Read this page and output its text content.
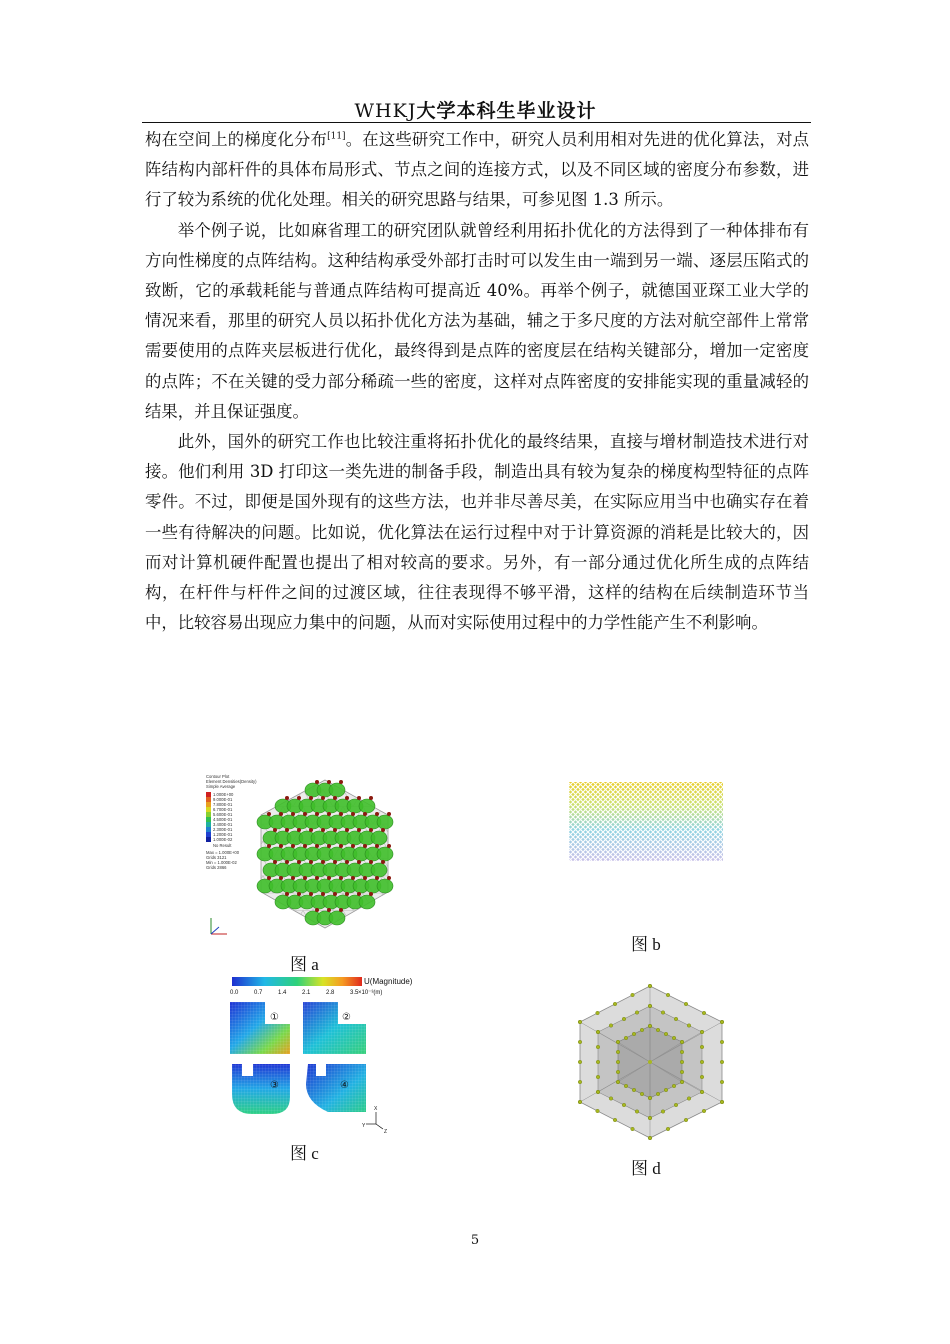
WHKJ大学本科生毕业设计

构在空间上的梯度化分布[11]。在这些研究工作中，研究人员利用相对先进的优化算法，对点阵结构内部杆件的具体布局形式、节点之间的连接方式，以及不同区域的密度分布参数，进行了较为系统的优化处理。相关的研究思路与结果，可参见图 1.3 所示。

举个例子说，比如麻省理工的研究团队就曾经利用拓扑优化的方法得到了一种体排布有方向性梯度的点阵结构。这种结构承受外部打击时可以发生由一端到另一端、逐层压陷式的致断，它的承载耗能与普通点阵结构可提高近 40%。再举个例子，就德国亚琛工业大学的情况来看，那里的研究人员以拓扑优化方法为基础，辅之于多尺度的方法对航空部件上常常需要使用的点阵夹层板进行优化，最终得到是点阵的密度层在结构关键部分，增加一定密度的点阵；不在关键的受力部分稀疏一些的密度，这样对点阵密度的安排能实现的重量减轻的结果，并且保证强度。

此外，国外的研究工作也比较注重将拓扑优化的最终结果，直接与增材制造技术进行对接。他们利用 3D 打印这一类先进的制备手段，制造出具有较为复杂的梯度构型特征的点阵零件。不过，即便是国外现有的这些方法，也并非尽善尽美，在实际应用当中也确实存在着一些有待解决的问题。比如说，优化算法在运行过程中对于计算资源的消耗是比较大的，因而对计算机硬件配置也提出了相对较高的要求。另外，有一部分通过优化所生成的点阵结构，在杆件与杆件之间的过渡区域，往往表现得不够平滑，这样的结构在后续制造环节当中，比较容易出现应力集中的问题，从而对实际使用过程中的力学性能产生不利影响。

Contour Plot
Element Densities(Density)
Simple Average
1.000E+00
9.000E-01
7.800E-01
6.700E-01
5.600E-01
4.500E-01
3.400E-01
2.300E-01
1.200E-01
1.000E-02
No Result
Max = 1.000E+00
Grids 3121
Min = 1.000E-02
Grids 2866
图 a
图 b
U(Magnitude)
0.0	0.7	1.4	2.1	2.8	3.5 ×10⁻³(m)
①	②
③	④
Y
X
Z
图 c
图 d
5
